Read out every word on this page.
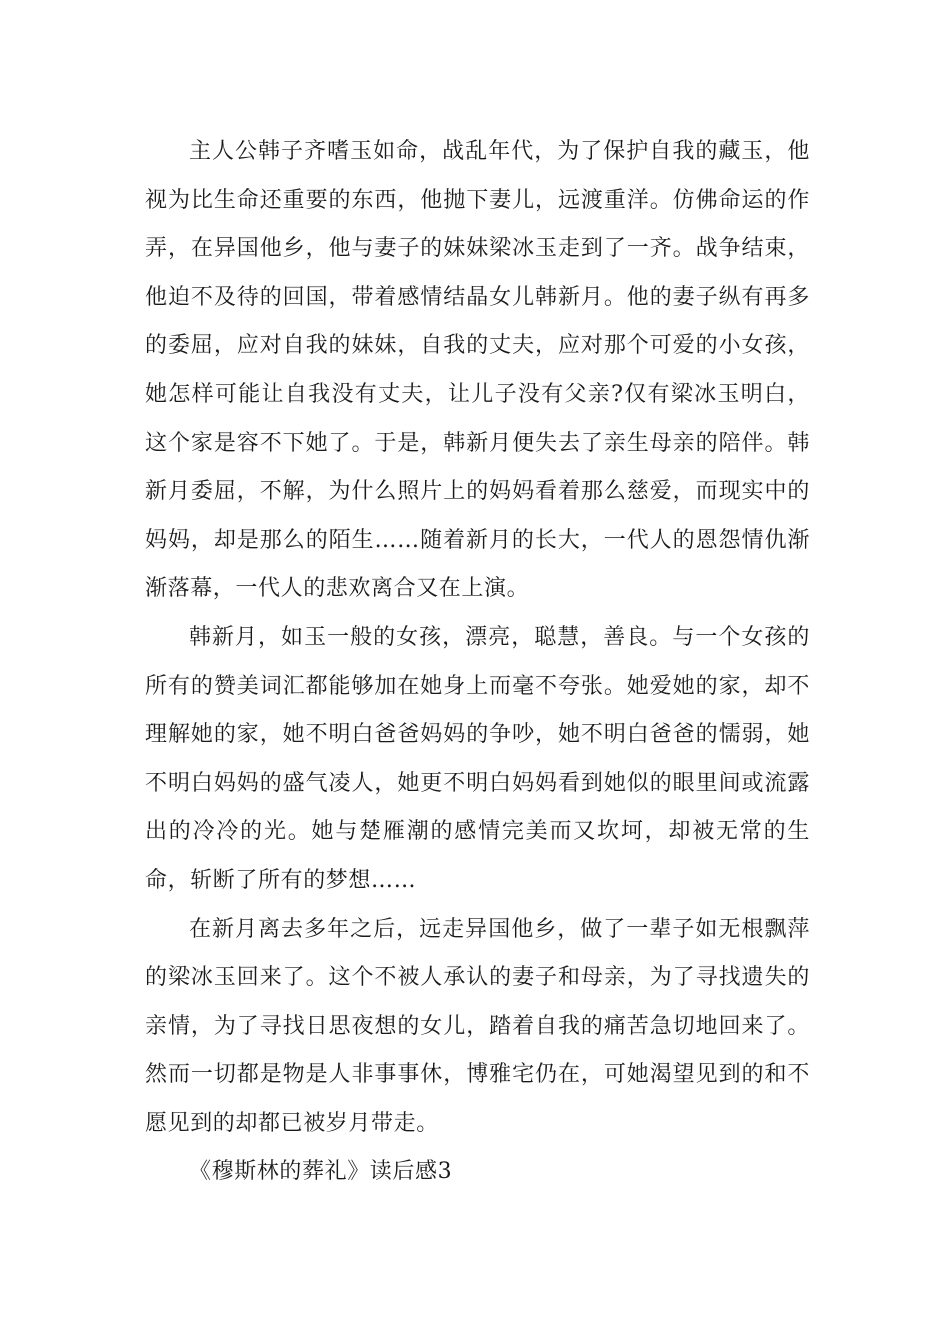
主人公韩子齐嗜玉如命，战乱年代，为了保护自我的藏玉，他视为比生命还重要的东西，他抛下妻儿，远渡重洋。仿佛命运的作弄，在异国他乡，他与妻子的妹妹梁冰玉走到了一齐。战争结束，他迫不及待的回国，带着感情结晶女儿韩新月。他的妻子纵有再多的委屈，应对自我的妹妹，自我的丈夫，应对那个可爱的小女孩，她怎样可能让自我没有丈夫，让儿子没有父亲?仅有梁冰玉明白，这个家是容不下她了。于是，韩新月便失去了亲生母亲的陪伴。韩新月委屈，不解，为什么照片上的妈妈看着那么慈爱，而现实中的妈妈，却是那么的陌生……随着新月的长大，一代人的恩怨情仇渐渐落幕，一代人的悲欢离合又在上演。

韩新月，如玉一般的女孩，漂亮，聪慧，善良。与一个女孩的所有的赞美词汇都能够加在她身上而毫不夸张。她爱她的家，却不理解她的家，她不明白爸爸妈妈的争吵，她不明白爸爸的懦弱，她不明白妈妈的盛气凌人，她更不明白妈妈看到她似的眼里间或流露出的冷冷的光。她与楚雁潮的感情完美而又坎坷，却被无常的生命，斩断了所有的梦想……

在新月离去多年之后，远走异国他乡，做了一辈子如无根飘萍的梁冰玉回来了。这个不被人承认的妻子和母亲，为了寻找遗失的亲情，为了寻找日思夜想的女儿，踏着自我的痛苦急切地回来了。然而一切都是物是人非事事休，博雅宅仍在，可她渴望见到的和不愿见到的却都已被岁月带走。

《穆斯林的葬礼》读后感3
